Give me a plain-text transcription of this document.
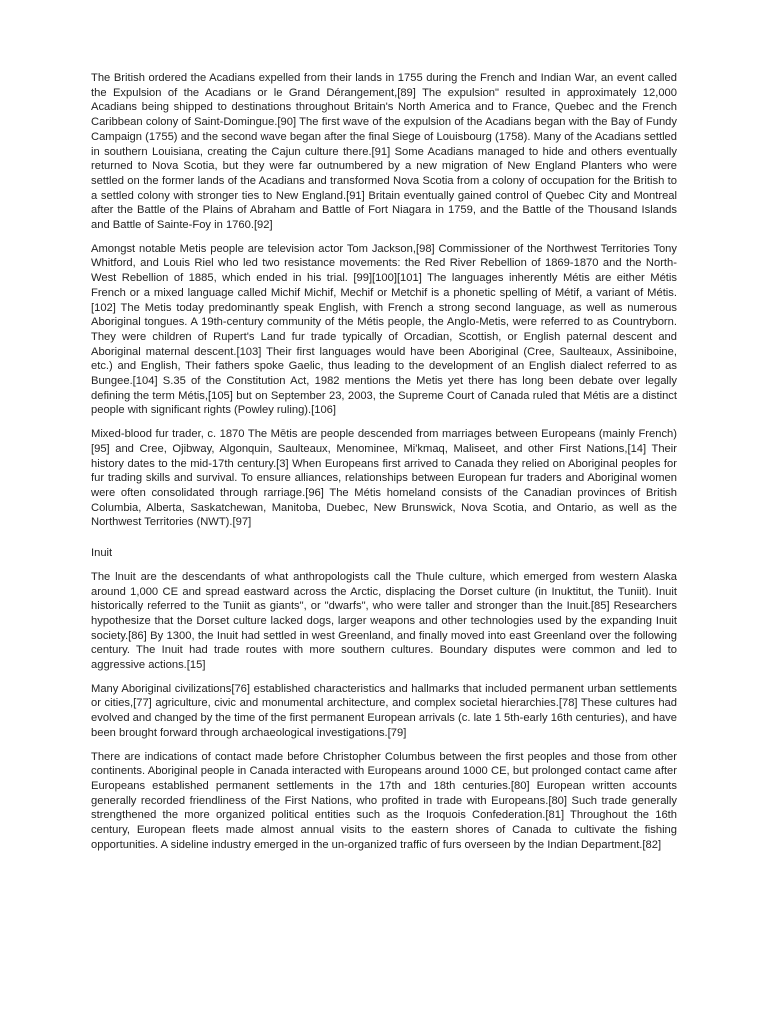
The British ordered the Acadians expelled from their lands in 1755 during the French and Indian War, an event called the Expulsion of the Acadians or le Grand Dérangement,[89] The expulsion" resulted in approximately 12,000 Acadians being shipped to destinations throughout Britain's North America and to France, Quebec and the French Caribbean colony of Saint-Domingue.[90] The first wave of the expulsion of the Acadians began with the Bay of Fundy Campaign (1755) and the second wave began after the final Siege of Louisbourg (1758). Many of the Acadians settled in southern Louisiana, creating the Cajun culture there.[91] Some Acadians managed to hide and others eventually returned to Nova Scotia, but they were far outnumbered by a new migration of New England Planters who were settled on the former lands of the Acadians and transformed Nova Scotia from a colony of occupation for the British to a settled colony with stronger ties to New England.[91] Britain eventually gained control of Quebec City and Montreal after the Battle of the Plains of Abraham and Battle of Fort Niagara in 1759, and the Battle of the Thousand Islands and Battle of Sainte-Foy in 1760.[92]

Amongst notable Metis people are television actor Tom Jackson,[98] Commissioner of the Northwest Territories Tony Whitford, and Louis Riel who led two resistance movements: the Red River Rebellion of 1869-1870 and the North- West Rebellion of 1885, which ended in his trial. [99][100][101] The languages inherently Métis are either Métis French or a mixed language called Michif Michif, Mechif or Metchif is a phonetic spelling of Métif, a variant of Métis.[102] The Metis today predominantly speak English, with French a strong second language, as well as numerous Aboriginal tongues. A 19th-century community of the Métis people, the Anglo-Metis, were referred to as Countryborn. They were children of Rupert's Land fur trade typically of Orcadian, Scottish, or English paternal descent and Aboriginal maternal descent.[103] Their first languages would have been Aboriginal (Cree, Saulteaux, Assiniboine, etc.) and English, Their fathers spoke Gaelic, thus leading to the development of an English dialect referred to as Bungee.[104] S.35 of the Constitution Act, 1982 mentions the Metis yet there has long been debate over legally defining the term Métis,[105] but on September 23, 2003, the Supreme Court of Canada ruled that Métis are a distinct people with significant rights (Powley ruling).[106]

Mixed-blood fur trader, c. 1870 The Mētis are people descended from marriages between Europeans (mainly French) [95] and Cree, Ojibway, Algonquin, Saulteaux, Menominee, Mi'kmaq, Maliseet, and other First Nations,[14] Their history dates to the mid-17th century.[3] When Europeans first arrived to Canada they relied on Aboriginal peoples for fur trading skills and survival. To ensure alliances, relationships between European fur traders and Aboriginal women were often consolidated through rarriage.[96] The Métis homeland consists of the Canadian provinces of British Columbia, Alberta, Saskatchewan, Manitoba, Duebec, New Brunswick, Nova Scotia, and Ontario, as well as the Northwest Territories (NWT).[97]

Inuit

The lnuit are the descendants of what anthropologists call the Thule culture, which emerged from western Alaska around 1,000 CE and spread eastward across the Arctic, displacing the Dorset culture (in Inuktitut, the Tuniit). Inuit historically referred to the Tuniit as giants", or "dwarfs", who were taller and stronger than the Inuit.[85] Researchers hypothesize that the Dorset culture lacked dogs, larger weapons and other technologies used by the expanding Inuit society.[86] By 1300, the Inuit had settled in west Greenland, and finally moved into east Greenland over the following century. The Inuit had trade routes with more southern cultures. Boundary disputes were common and led to aggressive actions.[15]

Many Aboriginal civilizations[76] established characteristics and hallmarks that included permanent urban settlements or cities,[77] agriculture, civic and monumental architecture, and complex societal hierarchies.[78] These cultures had evolved and changed by the time of the first permanent European arrivals (c. late 1 5th-early 16th centuries), and have been brought forward through archaeological investigations.[79]

There are indications of contact made before Christopher Columbus between the first peoples and those from other continents. Aboriginal people in Canada interacted with Europeans around 1000 CE, but prolonged contact came after Europeans established permanent settlements in the 17th and 18th centuries.[80] European written accounts generally recorded friendliness of the First Nations, who profited in trade with Europeans.[80] Such trade generally strengthened the more organized political entities such as the Iroquois Confederation.[81] Throughout the 16th century, European fleets made almost annual visits to the eastern shores of Canada to cultivate the fishing opportunities. A sideline industry emerged in the un-organized traffic of furs overseen by the Indian Department.[82]
